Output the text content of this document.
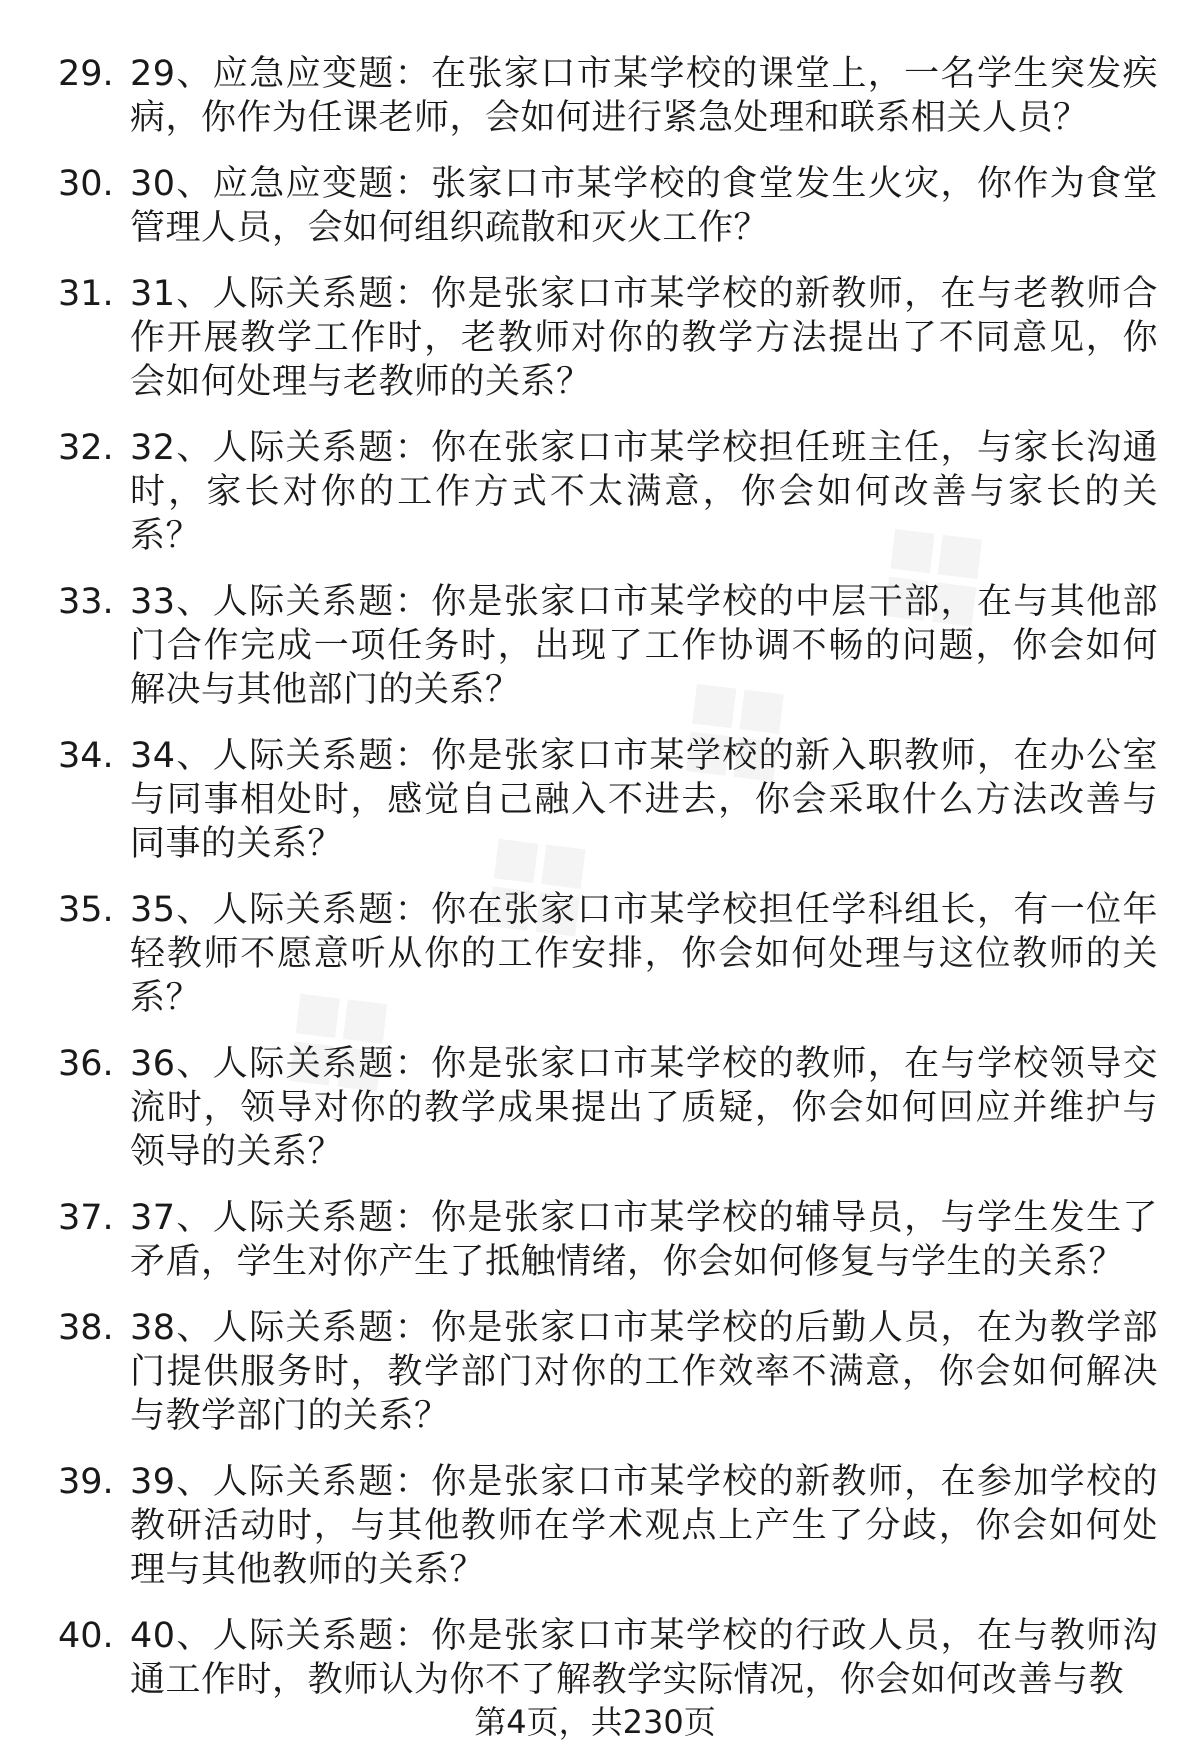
29. 29、应急应变题：在张家口市某学校的课堂上，一名学生突发疾病，你作为任课老师，会如何进行紧急处理和联系相关人员？
30. 30、应急应变题：张家口市某学校的食堂发生火灾，你作为食堂管理人员，会如何组织疏散和灭火工作？
31. 31、人际关系题：你是张家口市某学校的新教师，在与老教师合作开展教学工作时，老教师对你的教学方法提出了不同意见，你会如何处理与老教师的关系？
32. 32、人际关系题：你在张家口市某学校担任班主任，与家长沟通时，家长对你的工作方式不太满意，你会如何改善与家长的关系？
33. 33、人际关系题：你是张家口市某学校的中层干部，在与其他部门合作完成一项任务时，出现了工作协调不畅的问题，你会如何解决与其他部门的关系？
34. 34、人际关系题：你是张家口市某学校的新入职教师，在办公室与同事相处时，感觉自己融入不进去，你会采取什么方法改善与同事的关系？
35. 35、人际关系题：你在张家口市某学校担任学科组长，有一位年轻教师不愿意听从你的工作安排，你会如何处理与这位教师的关系？
36. 36、人际关系题：你是张家口市某学校的教师，在与学校领导交流时，领导对你的教学成果提出了质疑，你会如何回应并维护与领导的关系？
37. 37、人际关系题：你是张家口市某学校的辅导员，与学生发生了矛盾，学生对你产生了抵触情绪，你会如何修复与学生的关系？
38. 38、人际关系题：你是张家口市某学校的后勤人员，在为教学部门提供服务时，教学部门对你的工作效率不满意，你会如何解决与教学部门的关系？
39. 39、人际关系题：你是张家口市某学校的新教师，在参加学校的教研活动时，与其他教师在学术观点上产生了分歧，你会如何处理与其他教师的关系？
40. 40、人际关系题：你是张家口市某学校的行政人员，在与教师沟通工作时，教师认为你不了解教学实际情况，你会如何改善与教
第4页，共230页
